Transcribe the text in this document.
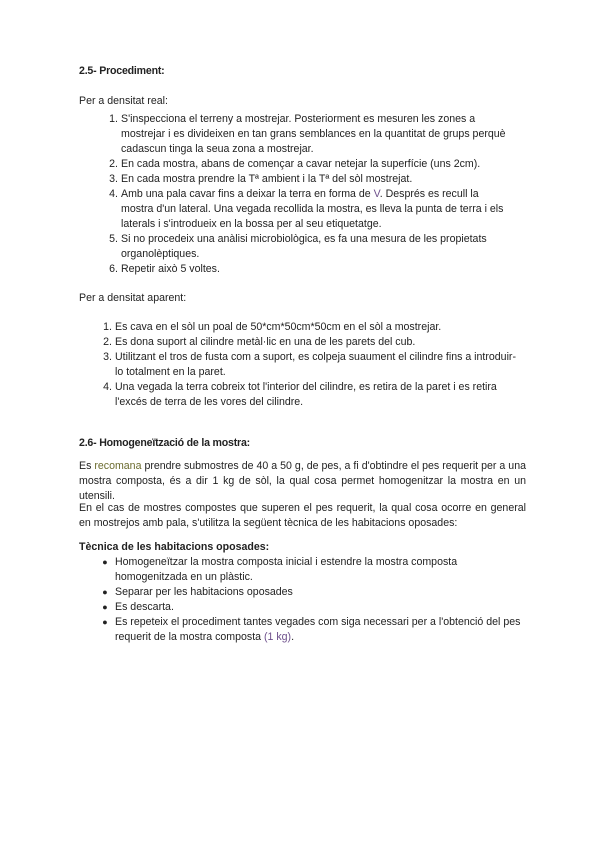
2.5- Procediment:

Per a densitat real:

1. S'inspecciona el terreny a mostrejar. Posteriorment es mesuren les zones a mostrejar i es divideixen en tan grans semblances en la quantitat de grups perquè cadascun tinga la seua zona a mostrejar.
2. En cada mostra, abans de començar a cavar netejar la superfície (uns 2cm).
3. En cada mostra prendre la Tª ambient i la Tª del sòl mostrejat.
4. Amb una pala cavar fins a deixar la terra en forma de V. Després es recull la mostra d'un lateral. Una vegada recollida la mostra, es lleva la punta de terra i els laterals i s'introdueix en la bossa per al seu etiquetatge.
5. Si no procedeix una anàlisi microbiològica, es fa una mesura de les propietats organolèptiques.
6. Repetir això 5 voltes.

Per a densitat aparent:

1. Es cava en el sòl un poal de 50*cm*50cm*50cm en el sòl a mostrejar.
2. Es dona suport al cilindre metàl·lic en una de les parets del cub.
3. Utilitzant el tros de fusta com a suport, es colpeja suaument el cilindre fins a introduir-lo totalment en la paret.
4. Una vegada la terra cobreix tot l'interior del cilindre, es retira de la paret i es retira l'excés de terra de les vores del cilindre.
2.6- Homogeneïtzació de la mostra:

Es recomana prendre submostres de 40 a 50 g, de pes, a fi d'obtindre el pes requerit per a una mostra composta, és a dir 1 kg de sòl, la qual cosa permet homogenitzar la mostra en un utensili.

En el cas de mostres compostes que superen el pes requerit, la qual cosa ocorre en general en mostrejos amb pala, s'utilitza la següent tècnica de les habitacions oposades:

Tècnica de les habitacions oposades:

● Homogeneïtzar la mostra composta inicial i estendre la mostra composta homogenitzada en un plàstic.
● Separar per les habitacions oposades
● Es descarta.
● Es repeteix el procediment tantes vegades com siga necessari per a l'obtenció del pes requerit de la mostra composta (1 kg).
